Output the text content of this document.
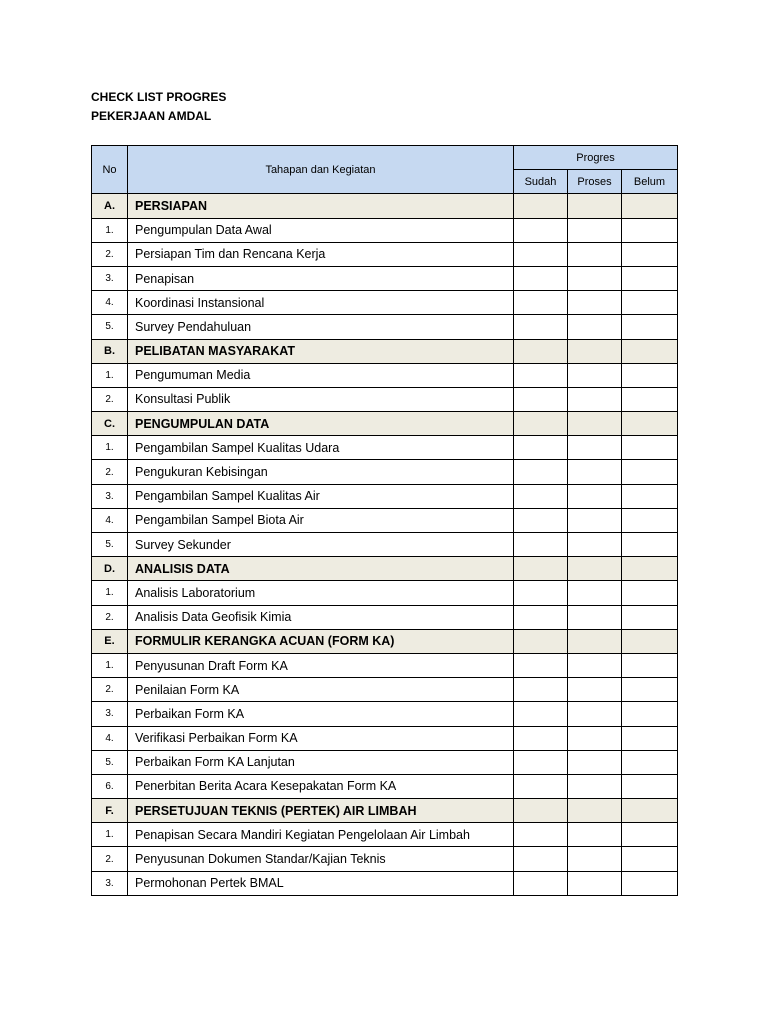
CHECK LIST PROGRES
PEKERJAAN AMDAL
No	Tahapan dan Kegiatan	Progres		
		Sudah	Proses	Belum
A.	PERSIAPAN			
1.	Pengumpulan Data Awal			
2.	Persiapan Tim dan Rencana Kerja			
3.	Penapisan			
4.	Koordinasi Instansional			
5.	Survey Pendahuluan			
B.	PELIBATAN MASYARAKAT			
1.	Pengumuman Media			
2.	Konsultasi Publik			
C.	PENGUMPULAN DATA			
1.	Pengambilan Sampel Kualitas Udara			
2.	Pengukuran Kebisingan			
3.	Pengambilan Sampel Kualitas Air			
4.	Pengambilan Sampel Biota Air			
5.	Survey Sekunder			
D.	ANALISIS DATA			
1.	Analisis Laboratorium			
2.	Analisis Data Geofisik Kimia			
E.	FORMULIR KERANGKA ACUAN (FORM KA)			
1.	Penyusunan Draft Form KA			
2.	Penilaian Form KA			
3.	Perbaikan Form KA			
4.	Verifikasi Perbaikan Form KA			
5.	Perbaikan Form KA Lanjutan			
6.	Penerbitan Berita Acara Kesepakatan Form KA			
F.	PERSETUJUAN TEKNIS (PERTEK) AIR LIMBAH			
1.	Penapisan Secara Mandiri Kegiatan Pengelolaan Air Limbah			
2.	Penyusunan Dokumen Standar/Kajian Teknis			
3.	Permohonan Pertek BMAL			
